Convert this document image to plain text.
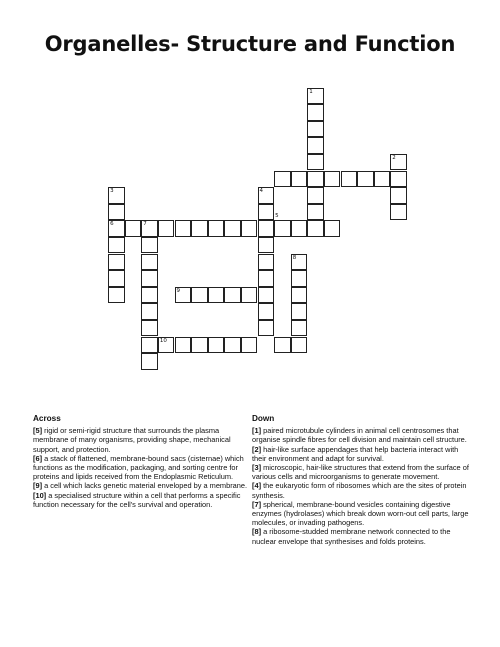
Organelles- Structure and Function
1
2
3
6
4
7
8
9
10
5
Across

[5] rigid or semi-rigid structure that surrounds the plasma membrane of many organisms, providing shape, mechanical support, and protection.

[6] a stack of flattened, membrane-bound sacs (cisternae) which functions as the modification, packaging, and sorting centre for proteins and lipids received from the Endoplasmic Reticulum.

[9] a cell which lacks genetic material enveloped by a membrane.

[10] a specialised structure within a cell that performs a specific function necessary for the cell's survival and operation.

Down

[1] paired microtubule cylinders in animal cell centrosomes that organise spindle fibres for cell division and maintain cell structure.

[2] hair-like surface appendages that help bacteria interact with their environment and adapt for survival.

[3] microscopic, hair-like structures that extend from the surface of various cells and microorganisms to generate movement.

[4] the eukaryotic form of ribosomes which are the sites of protein synthesis.

[7] spherical, membrane-bound vesicles containing digestive enzymes (hydrolases) which break down worn-out cell parts, large molecules, or invading pathogens.

[8] a ribosome-studded membrane network connected to the nuclear envelope that synthesises and folds proteins.
